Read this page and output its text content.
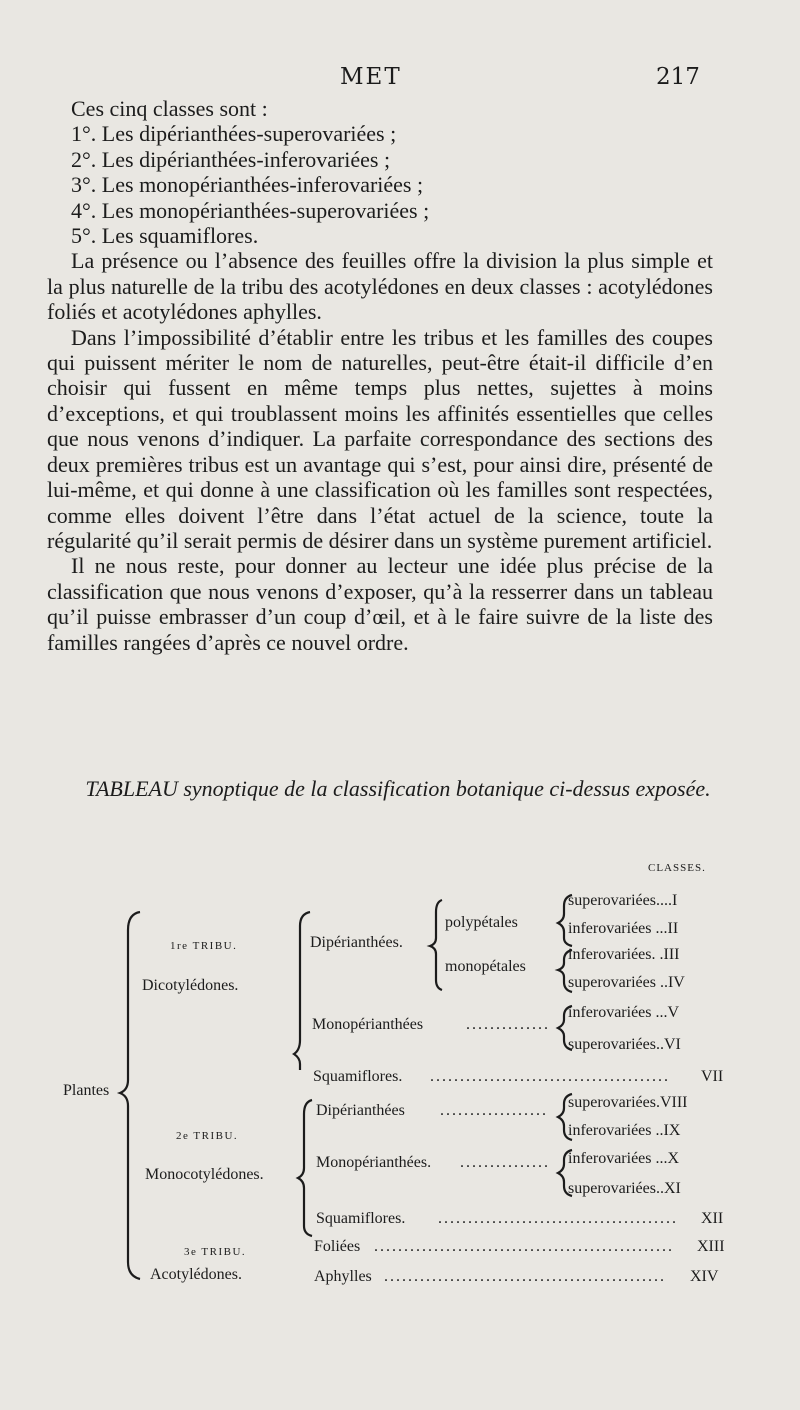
MET	217

Ces cinq classes sont :

1°. Les dipérianthées-superovariées ;

2°. Les dipérianthées-inferovariées ;

3°. Les monopérianthées-inferovariées ;

4°. Les monopérianthées-superovariées ;

5°. Les squamiflores.

La présence ou l’absence des feuilles offre la division la plus simple et la plus naturelle de la tribu des acotylédones en deux classes : acotylédones foliés et acotylédones aphylles.

Dans l’impossibilité d’établir entre les tribus et les familles des coupes qui puissent mériter le nom de naturelles, peut-être était-il difficile d’en choisir qui fussent en même temps plus nettes, sujettes à moins d’exceptions, et qui troublassent moins les affinités essentielles que celles que nous venons d’indiquer. La parfaite correspondance des sections des deux premières tribus est un avantage qui s’est, pour ainsi dire, présenté de lui-même, et qui donne à une classification où les familles sont respectées, comme elles doivent l’être dans l’état actuel de la science, toute la régularité qu’il serait permis de désirer dans un système purement artificiel.

Il ne nous reste, pour donner au lecteur une idée plus précise de la classification que nous venons d’exposer, qu’à la resserrer dans un tableau qu’il puisse embrasser d’un coup d’œil, et à le faire suivre de la liste des familles rangées d’après ce nouvel ordre.

TABLEAU synoptique de la classification botanique ci-dessus exposée.
CLASSES.
Plantes
1re TRIBU.
Dicotylédones.
2e TRIBU.
Monocotylédones.
3e TRIBU.
Acotylédones.
Dipérianthées.
polypétales
monopétales
Monopérianthées	..............
Squamiflores. ........................................
Dipérianthées ..................
Monopérianthées. ...............
Squamiflores. ........................................
Foliées ..................................................
Aphylles ...............................................
superovariées....I
inferovariées ...II
inferovariées. .III
superovariées ..IV
inferovariées ...V
superovariées..VI
VII
superovariées.VIII
inferovariées ..IX
inferovariées ...X
superovariées..XI
XII
XIII
XIV
